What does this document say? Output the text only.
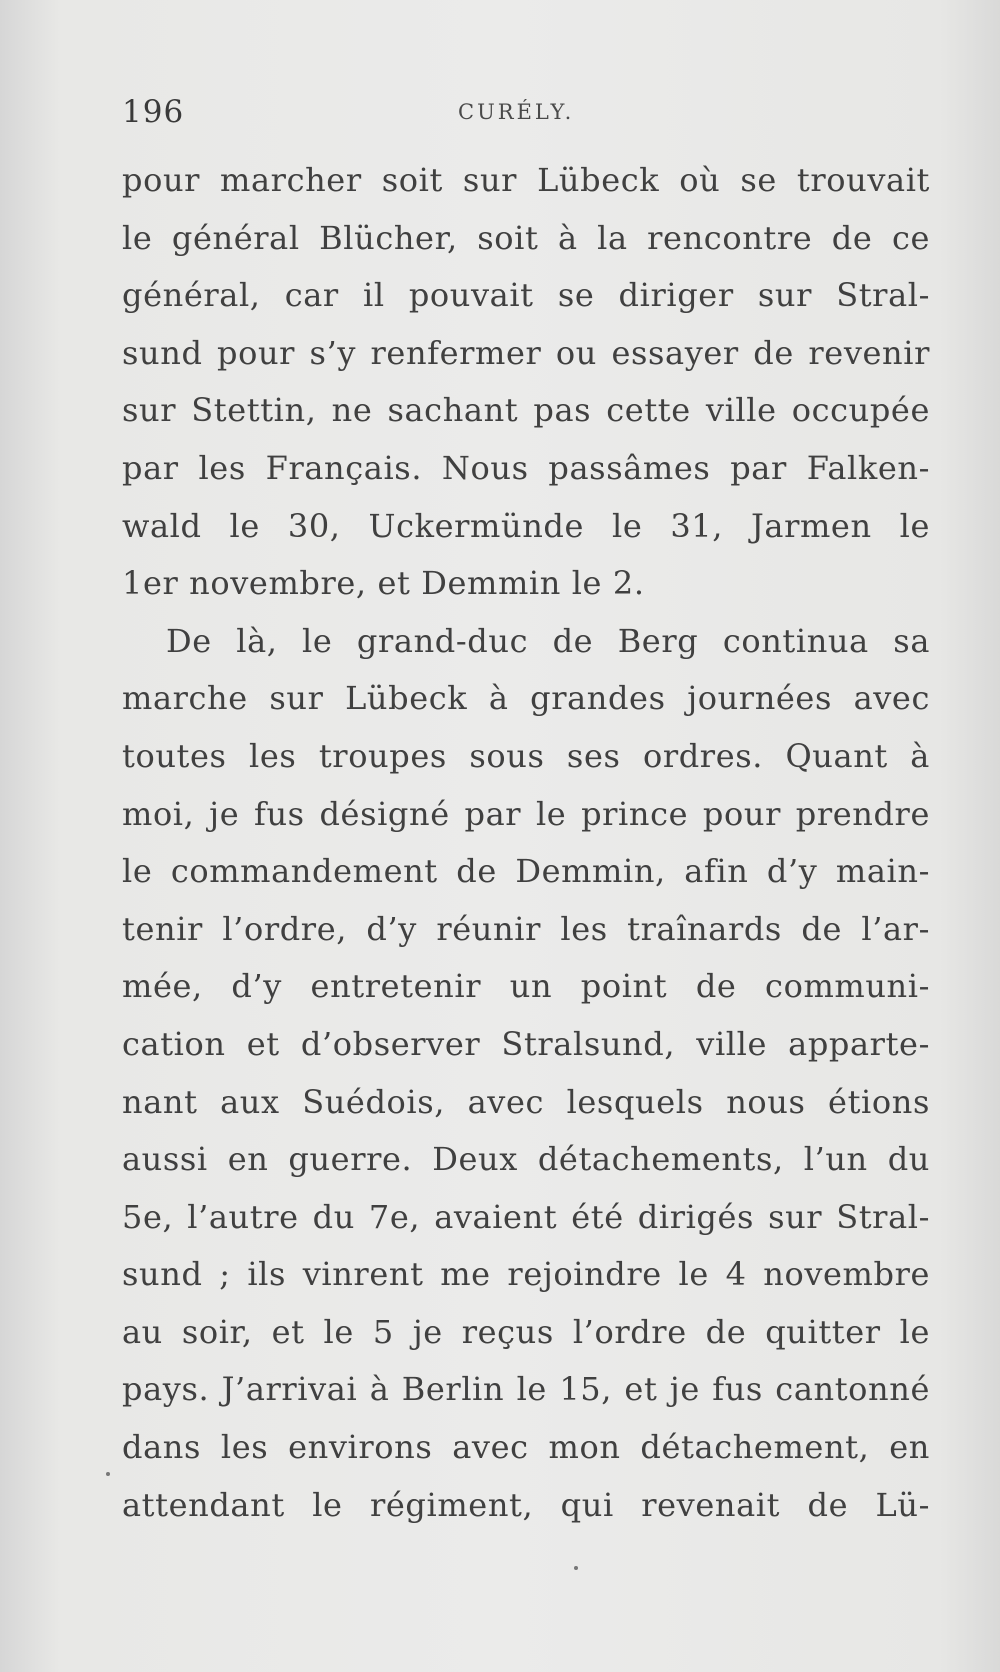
196	CURÉLY.
pour marcher soit sur Lübeck où se trouvait
le général Blücher, soit à la rencontre de ce
général, car il pouvait se diriger sur Stral-
sund pour s’y renfermer ou essayer de revenir
sur Stettin, ne sachant pas cette ville occupée
par les Français. Nous passâmes par Falken-
wald le 30, Uckermünde le 31, Jarmen le
1er novembre, et Demmin le 2.
De là, le grand-duc de Berg continua sa
marche sur Lübeck à grandes journées avec
toutes les troupes sous ses ordres. Quant à
moi, je fus désigné par le prince pour prendre
le commandement de Demmin, afin d’y main-
tenir l’ordre, d’y réunir les traînards de l’ar-
mée, d’y entretenir un point de communi-
cation et d’observer Stralsund, ville apparte-
nant aux Suédois, avec lesquels nous étions
aussi en guerre. Deux détachements, l’un du
5e, l’autre du 7e, avaient été dirigés sur Stral-
sund ; ils vinrent me rejoindre le 4 novembre
au soir, et le 5 je reçus l’ordre de quitter le
pays. J’arrivai à Berlin le 15, et je fus cantonné
dans les environs avec mon détachement, en
attendant le régiment, qui revenait de Lü-
